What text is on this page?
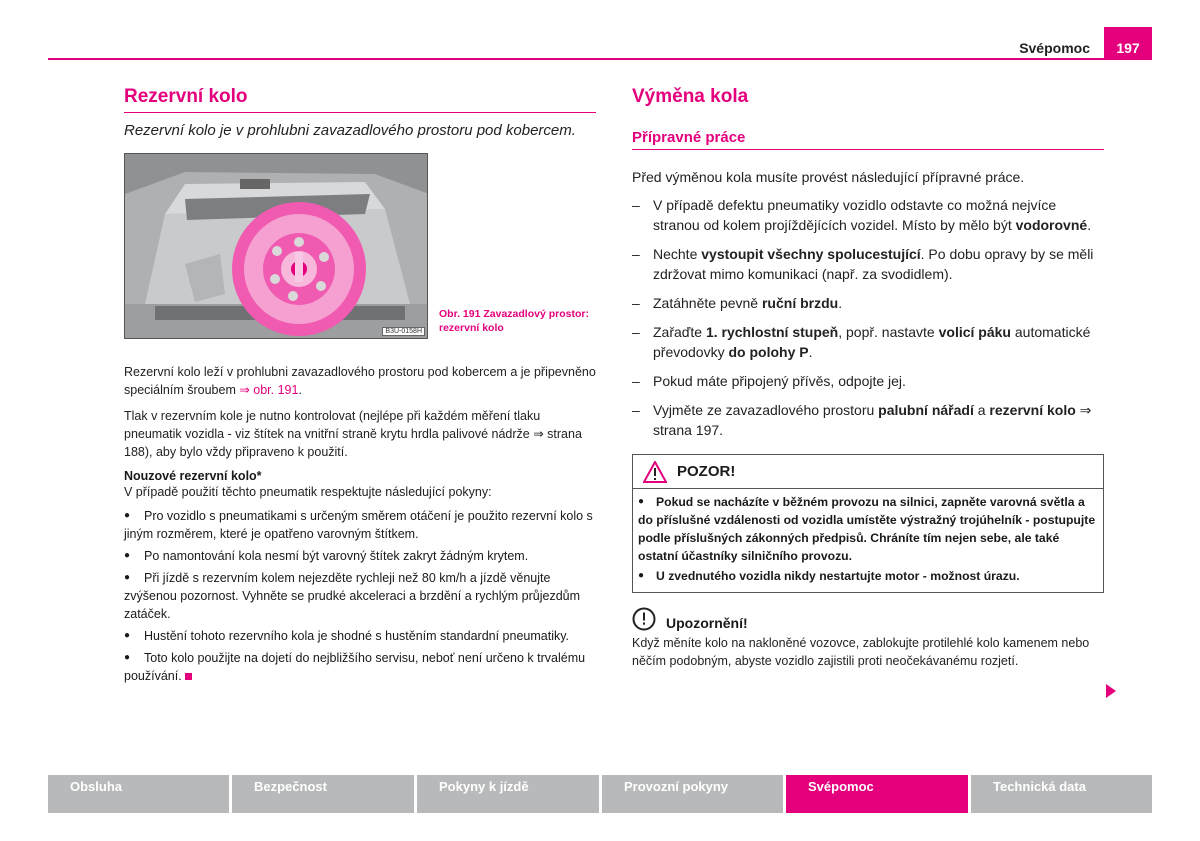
Svépomoc	197
Rezervní kolo
Rezervní kolo je v prohlubni zavazadlového prostoru pod kobercem.
B3U-0158H
Obr. 191 Zavazadlový prostor: rezervní kolo

Rezervní kolo leží v prohlubni zavazadlového prostoru pod kobercem a je připevněno speciálním šroubem ⇒ obr. 191.

Tlak v rezervním kole je nutno kontrolovat (nejlépe při každém měření tlaku pneumatik vozidla - viz štítek na vnitřní straně krytu hrdla palivové nádrže ⇒ strana 188), aby bylo vždy připraveno k použití.

Nouzové rezervní kolo*

V případě použití těchto pneumatik respektujte následující pokyny:

● Pro vozidlo s pneumatikami s určeným směrem otáčení je použito rezervní kolo s jiným rozměrem, které je opatřeno varovným štítkem.
● Po namontování kola nesmí být varovný štítek zakryt žádným krytem.
● Při jízdě s rezervním kolem nejezděte rychleji než 80 km/h a jízdě věnujte zvýšenou pozornost. Vyhněte se prudké akceleraci a brzdění a rychlým průjezdům zatáček.
● Hustění tohoto rezervního kola je shodné s hustěním standardní pneumatiky.
● Toto kolo použijte na dojetí do nejbližšího servisu, neboť není určeno k trvalému používání.
Výměna kola
Přípravné práce

Před výměnou kola musíte provést následující přípravné práce.

– V případě defektu pneumatiky vozidlo odstavte co možná nejvíce stranou od kolem projíždějících vozidel. Místo by mělo být vodorovné.
– Nechte vystoupit všechny spolucestující. Po dobu opravy by se měli zdržovat mimo komunikaci (např. za svodidlem).
– Zatáhněte pevně ruční brzdu.
– Zařaďte 1. rychlostní stupeň, popř. nastavte volicí páku automatické převodovky do polohy P.
– Pokud máte připojený přívěs, odpojte jej.
– Vyjměte ze zavazadlového prostoru palubní nářadí a rezervní kolo ⇒ strana 197.
POZOR!

● Pokud se nacházíte v běžném provozu na silnici, zapněte varovná světla a do příslušné vzdálenosti od vozidla umístěte výstražný trojúhelník - postupujte podle příslušných zákonných předpisů. Chráníte tím nejen sebe, ale také ostatní účastníky silničního provozu.

● U zvednutého vozidla nikdy nestartujte motor - možnost úrazu.

Upozornění!

Když měníte kolo na nakloněné vozovce, zablokujte protilehlé kolo kamenem nebo něčím podobným, abyste vozidlo zajistili proti neočekávanému rozjetí.

Obsluha	Bezpečnost	Pokyny k jízdě	Provozní pokyny	Svépomoc	Technická data
